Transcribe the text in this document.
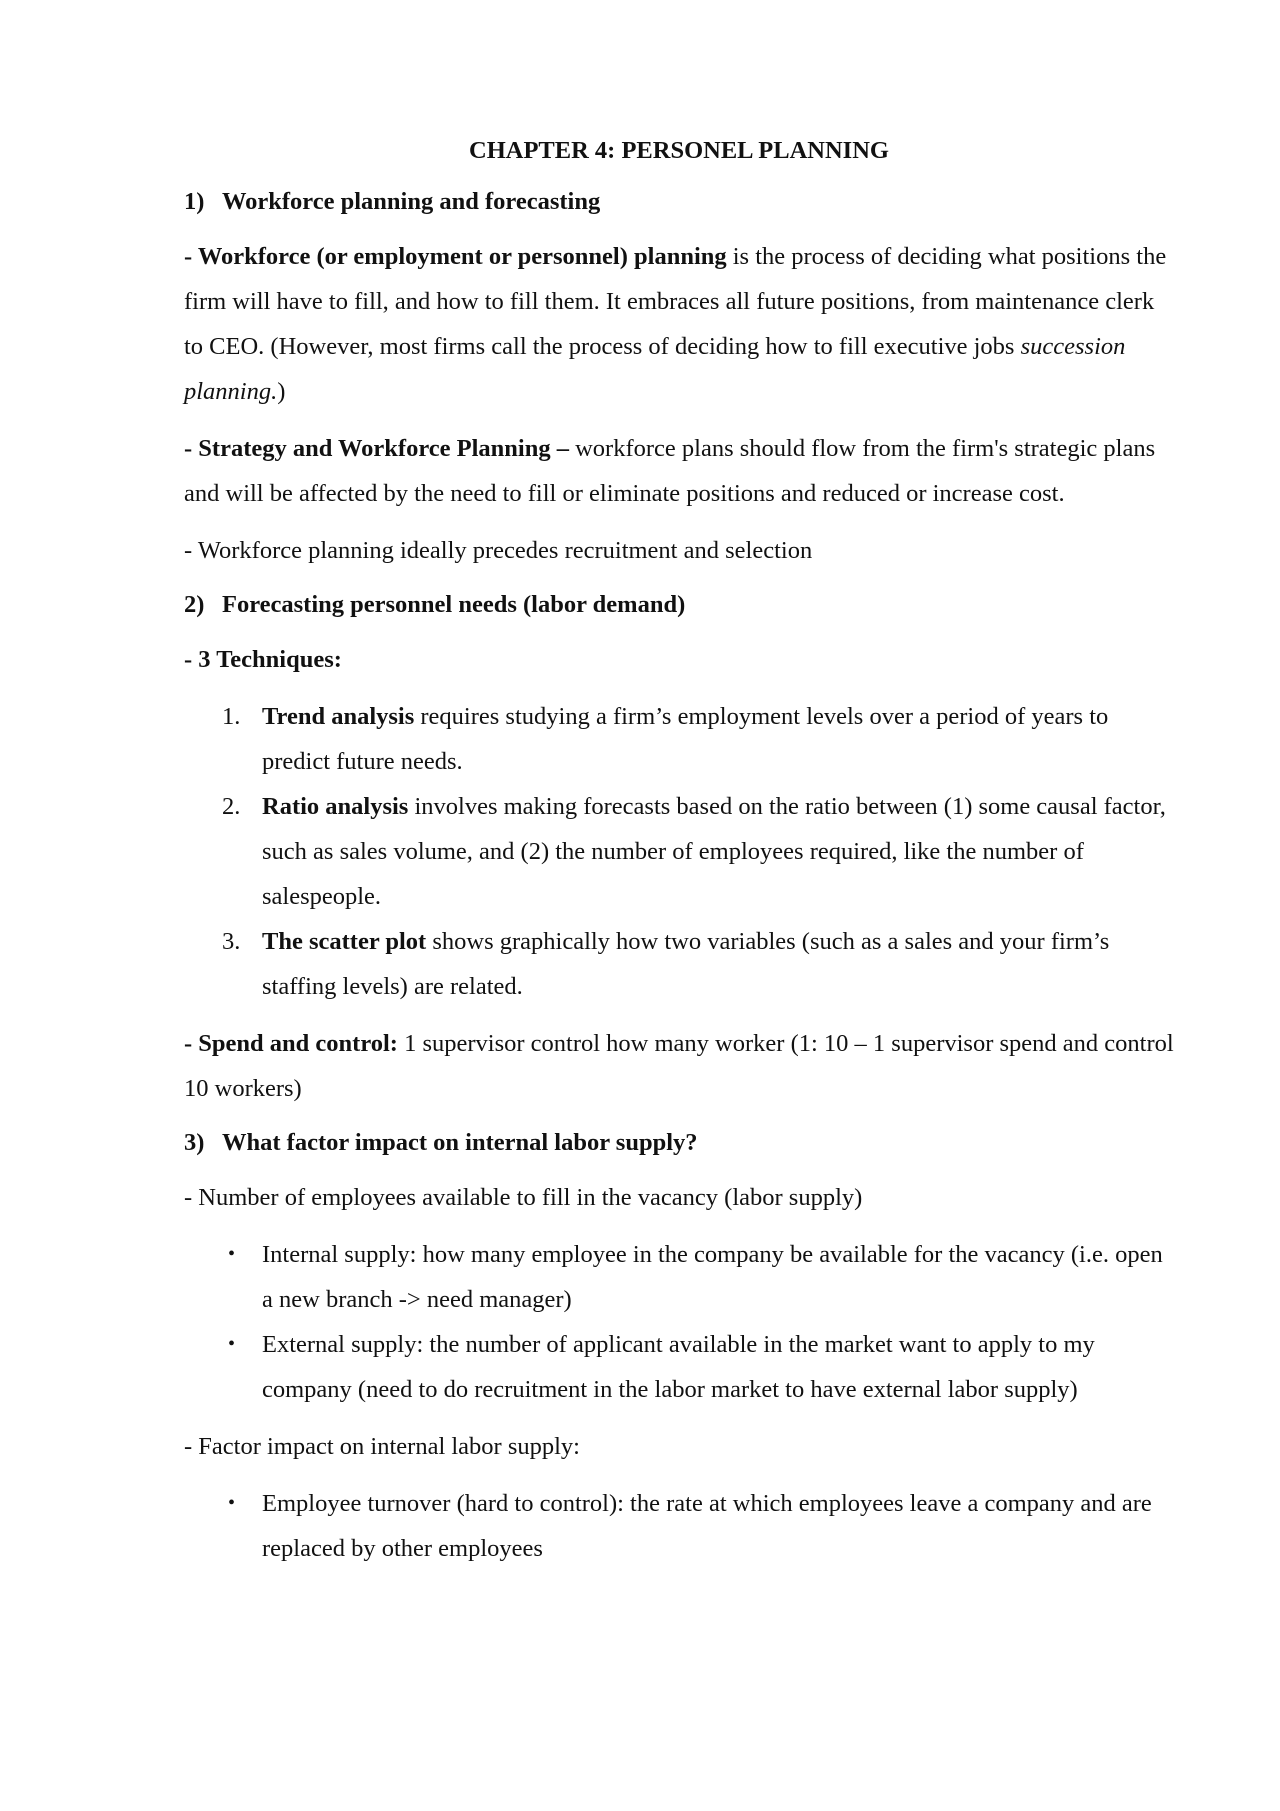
CHAPTER 4: PERSONEL PLANNING
1) Workforce planning and forecasting

- Workforce (or employment or personnel) planning is the process of deciding what positions the firm will have to fill, and how to fill them. It embraces all future positions, from maintenance clerk to CEO. (However, most firms call the process of deciding how to fill executive jobs succession planning.)

- Strategy and Workforce Planning – workforce plans should flow from the firm's strategic plans and will be affected by the need to fill or eliminate positions and reduced or increase cost.

- Workforce planning ideally precedes recruitment and selection

2) Forecasting personnel needs (labor demand)

- 3 Techniques:

1. Trend analysis requires studying a firm’s employment levels over a period of years to predict future needs.
2. Ratio analysis involves making forecasts based on the ratio between (1) some causal factor, such as sales volume, and (2) the number of employees required, like the number of salespeople.
3. The scatter plot shows graphically how two variables (such as a sales and your firm’s staffing levels) are related.

- Spend and control: 1 supervisor control how many worker (1: 10 – 1 supervisor spend and control 10 workers)

3) What factor impact on internal labor supply?

- Number of employees available to fill in the vacancy (labor supply)

•	Internal supply: how many employee in the company be available for the vacancy (i.e. open a new branch -> need manager)
•	External supply: the number of applicant available in the market want to apply to my company (need to do recruitment in the labor market to have external labor supply)

- Factor impact on internal labor supply:

•	Employee turnover (hard to control): the rate at which employees leave a company and are replaced by other employees
